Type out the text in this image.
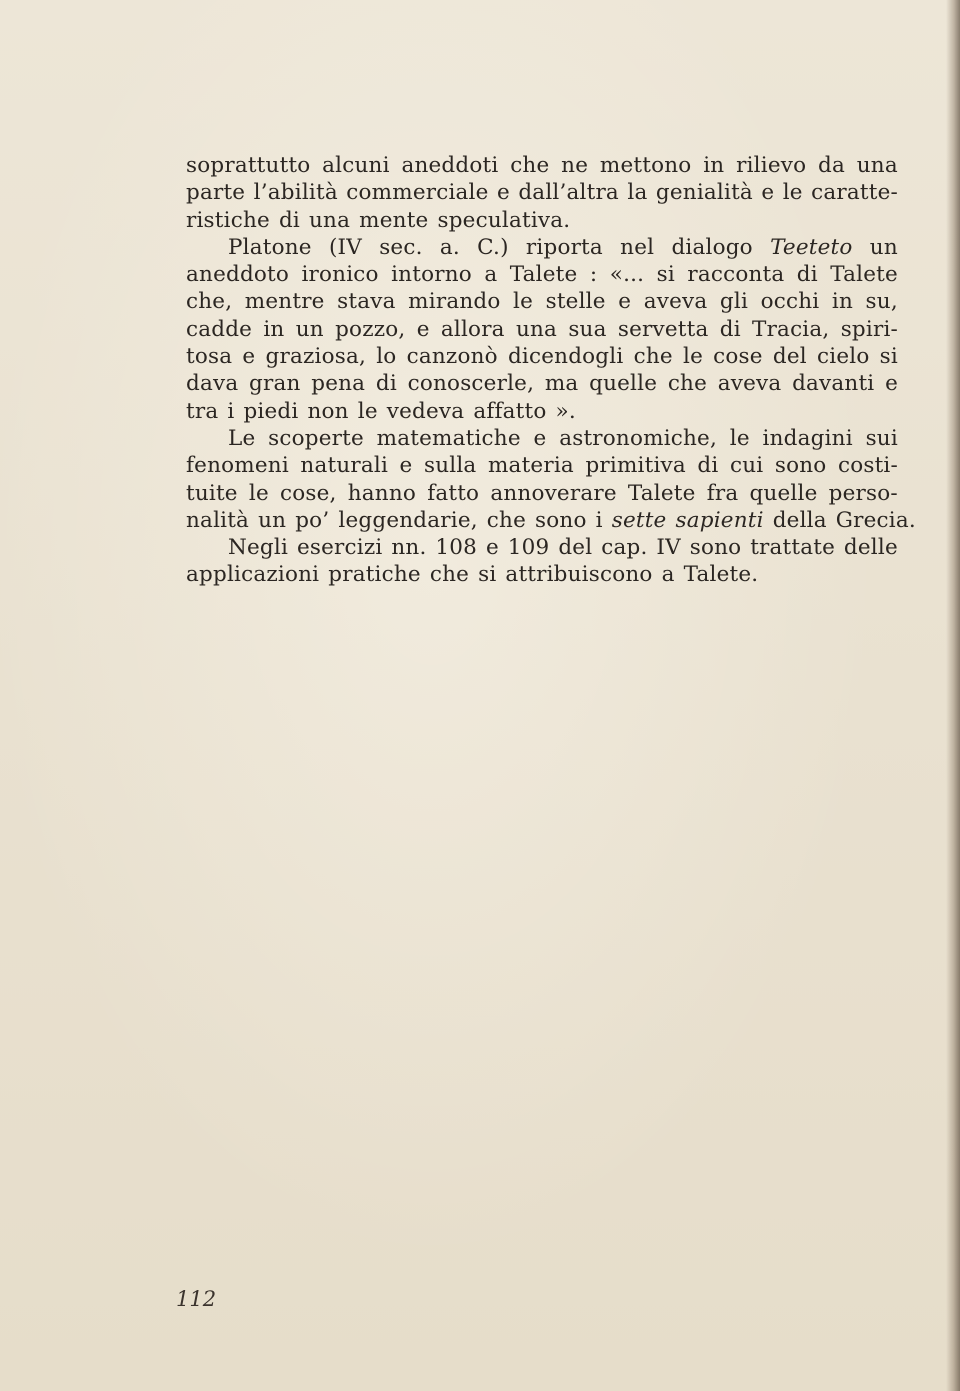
soprattutto alcuni aneddoti che ne mettono in rilievo da una
parte l’abilità commerciale e dall’altra la genialità e le caratte-
ristiche di una mente speculativa.
Platone (IV sec. a. C.) riporta nel dialogo Teeteto un
aneddoto ironico intorno a Talete : «... si racconta di Talete
che, mentre stava mirando le stelle e aveva gli occhi in su,
cadde in un pozzo, e allora una sua servetta di Tracia, spiri-
tosa e graziosa, lo canzonò dicendogli che le cose del cielo si
dava gran pena di conoscerle, ma quelle che aveva davanti e
tra i piedi non le vedeva affatto ».
Le scoperte matematiche e astronomiche, le indagini sui
fenomeni naturali e sulla materia primitiva di cui sono costi-
tuite le cose, hanno fatto annoverare Talete fra quelle perso-
nalità un po’ leggendarie, che sono i sette sapienti della Grecia.
Negli esercizi nn. 108 e 109 del cap. IV sono trattate delle
applicazioni pratiche che si attribuiscono a Talete.
112
